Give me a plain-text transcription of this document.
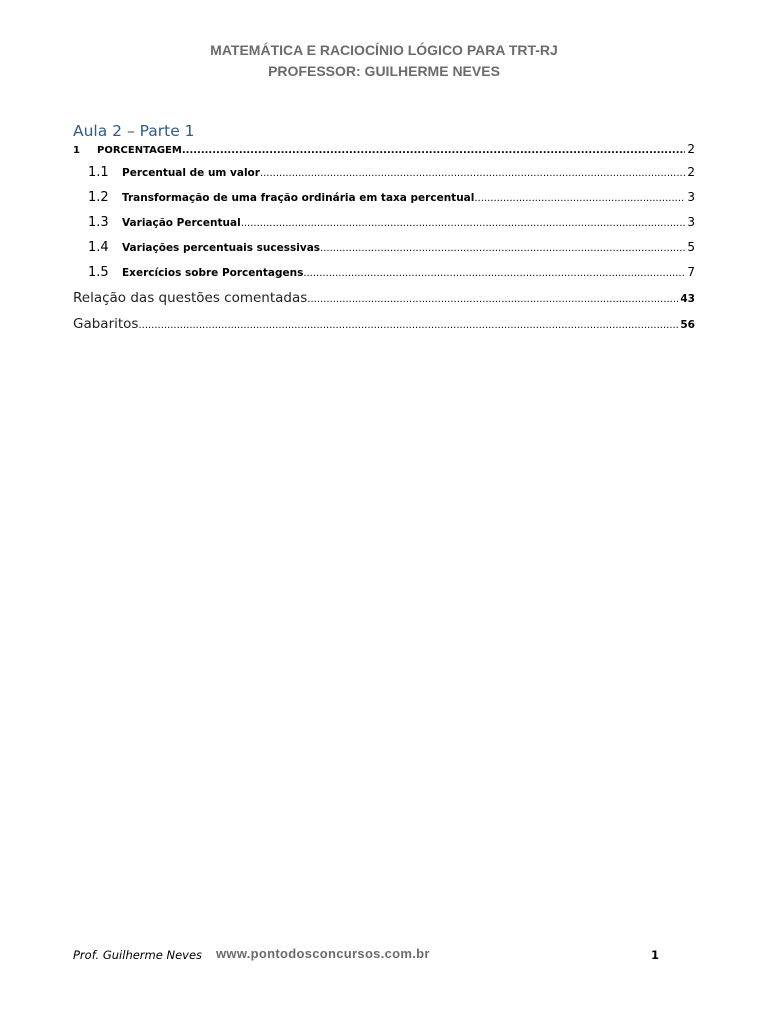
MATEMÁTICA E RACIOCÍNIO LÓGICO PARA TRT-RJ
PROFESSOR: GUILHERME NEVES
Aula 2 – Parte 1
1	PORCENTAGEM .....	2
1.1	Percentual de um valor .....	2
1.2	Transformação de uma fração ordinária em taxa percentual .....	3
1.3	Variação Percentual .....	3
1.4	Variações percentuais sucessivas .....	5
1.5	Exercícios sobre Porcentagens .....	7
Relação das questões comentadas .....	43
Gabaritos .....	56
Prof. Guilherme Neves www.pontodosconcursos.com.br	1
